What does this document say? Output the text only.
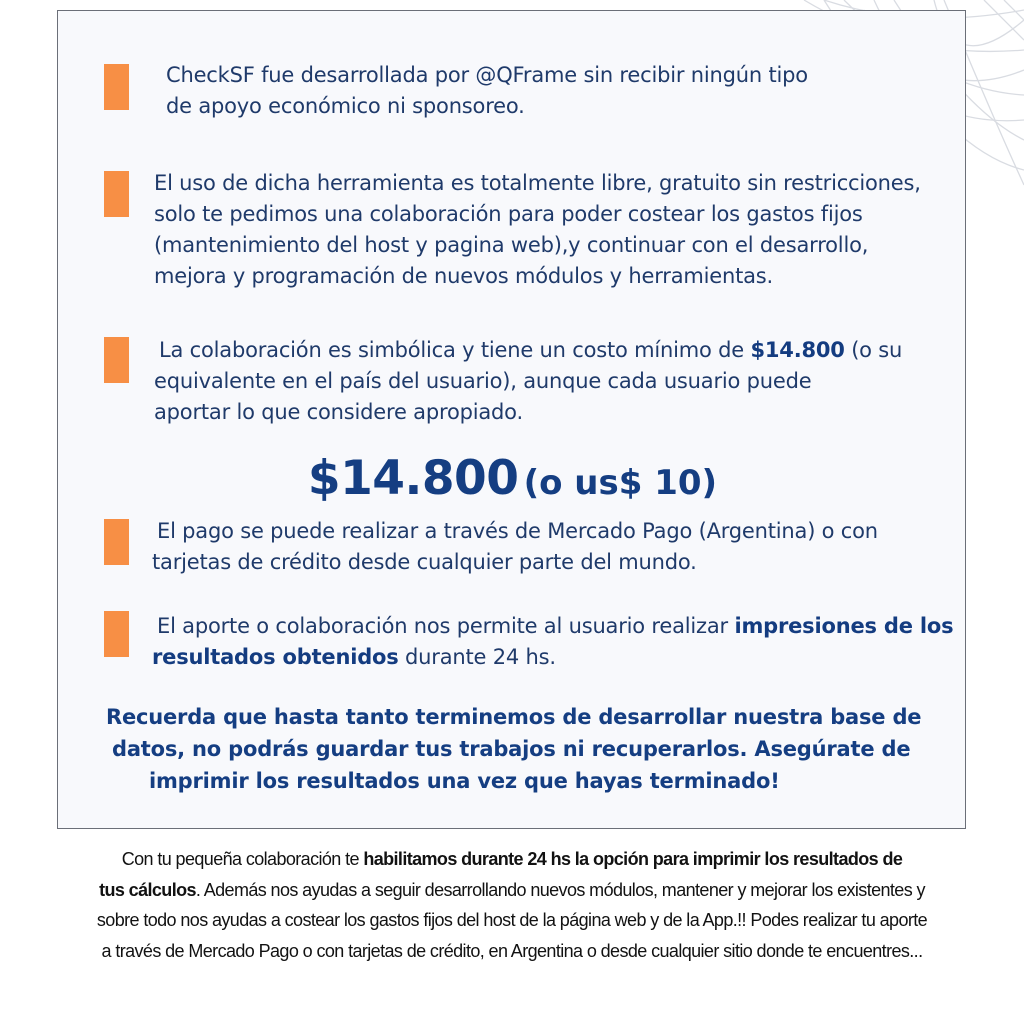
CheckSF fue desarrollada por @QFrame sin recibir ningún tipo
de apoyo económico ni sponsoreo.

El uso de dicha herramienta es totalmente libre, gratuito sin restricciones,
solo te pedimos una colaboración para poder costear los gastos fijos
(mantenimiento del host y pagina web),y continuar con el desarrollo,
mejora y programación de nuevos módulos y herramientas.

La colaboración es simbólica y tiene un costo mínimo de $14.800 (o su
equivalente en el país del usuario), aunque cada usuario puede
aportar lo que considere apropiado.

$14.800 (o us$ 10)

El pago se puede realizar a través de Mercado Pago (Argentina) o con
tarjetas de crédito desde cualquier parte del mundo.

El aporte o colaboración nos permite al usuario realizar impresiones de los
resultados obtenidos durante 24 hs.

Recuerda que hasta tanto terminemos de desarrollar nuestra base de
datos, no podrás guardar tus trabajos ni recuperarlos. Asegúrate de
imprimir los resultados una vez que hayas terminado!
Con tu pequeña colaboración te habilitamos durante 24 hs la opción para imprimir los resultados de
tus cálculos. Además nos ayudas a seguir desarrollando nuevos módulos, mantener y mejorar los existentes y
sobre todo nos ayudas a costear los gastos fijos del host de la página web y de la App.!! Podes realizar tu aporte
a través de Mercado Pago o con tarjetas de crédito, en Argentina o desde cualquier sitio donde te encuentres...
